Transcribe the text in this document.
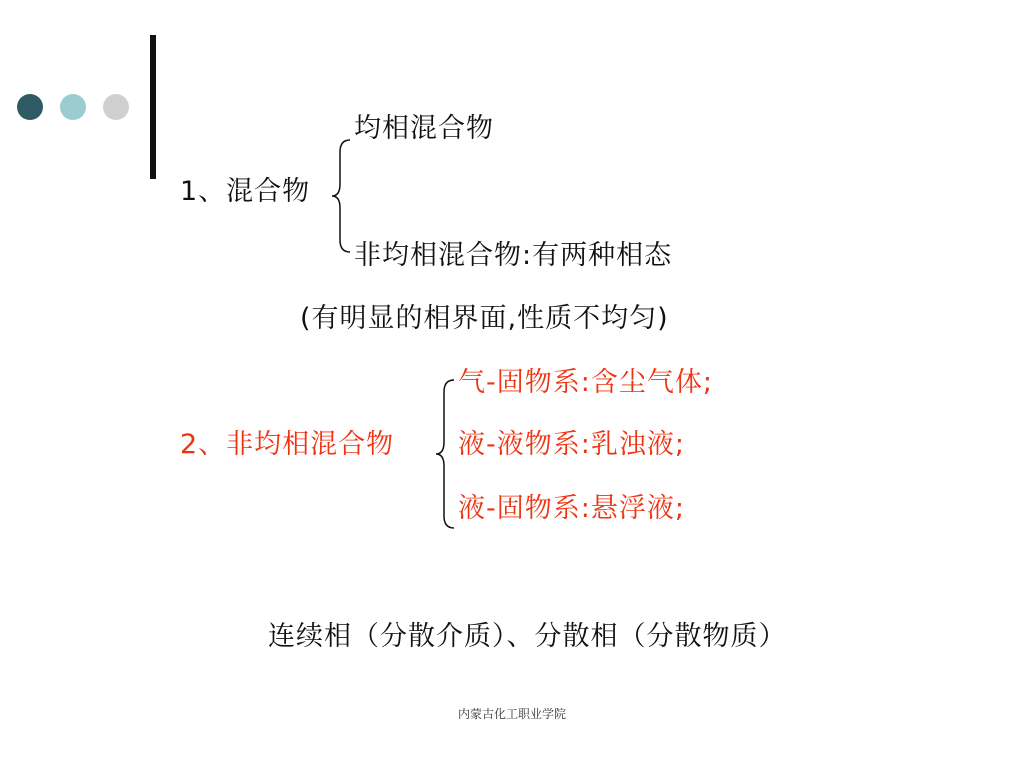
均相混合物
1、混合物
非均相混合物:有两种相态
(有明显的相界面,性质不均匀)
气-固物系:含尘气体;
2、非均相混合物 液-液物系:乳浊液;
液-固物系:悬浮液;
连续相（分散介质）、分散相（分散物质）
内蒙古化工职业学院
